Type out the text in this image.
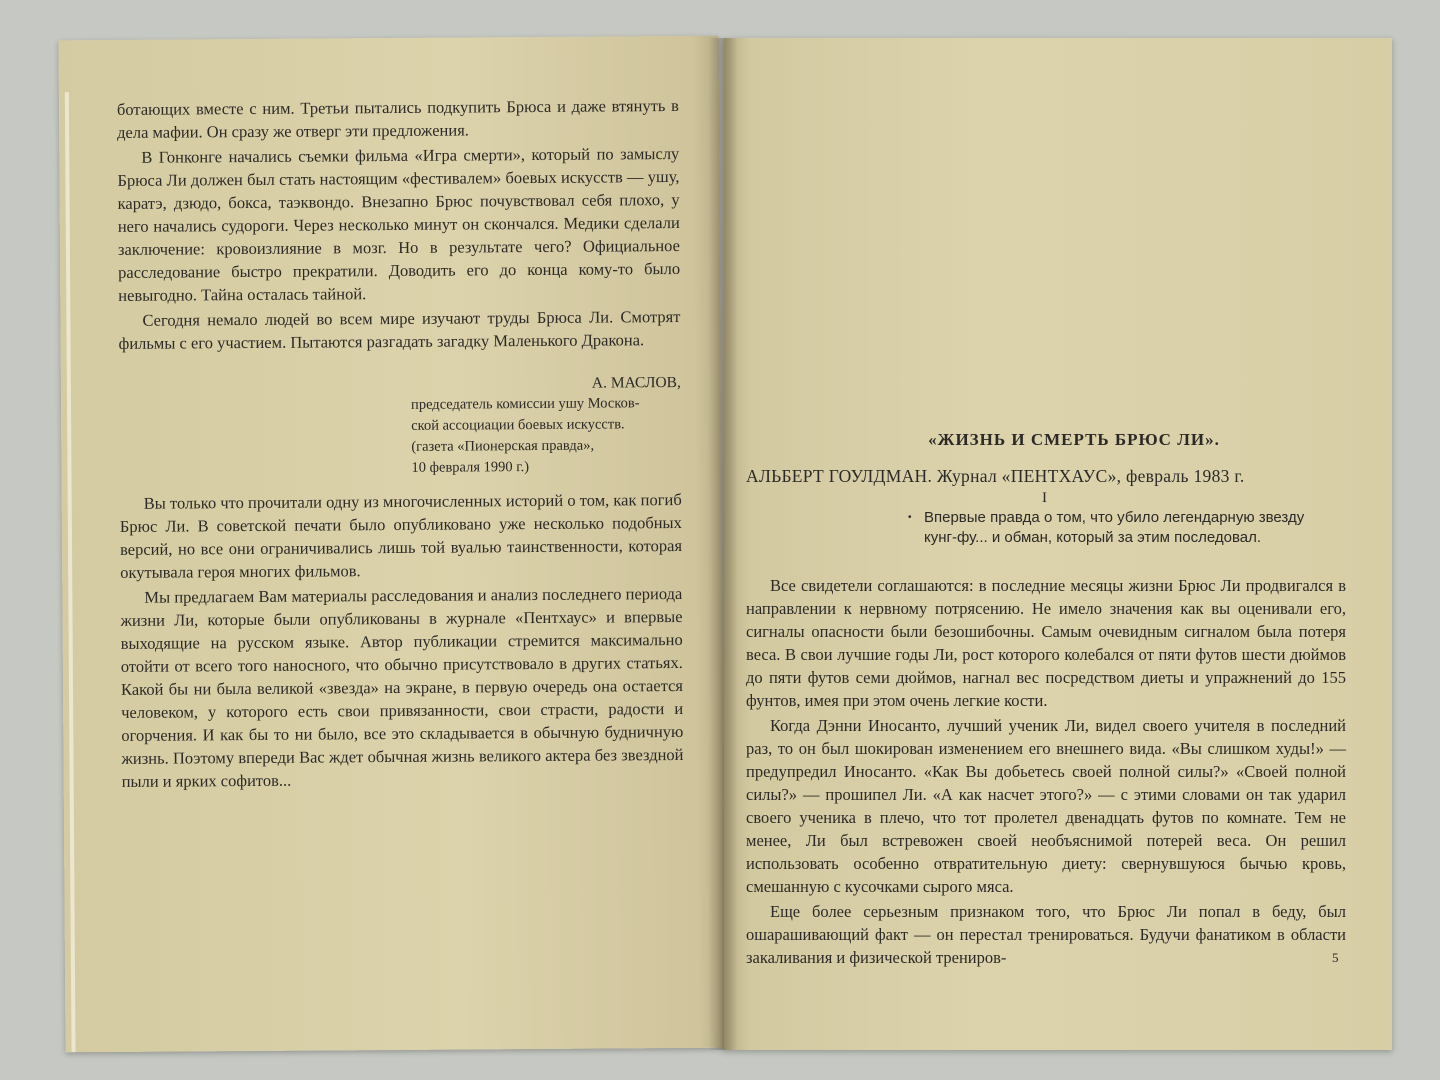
ботающих вместе с ним. Третьи пытались подкупить Брюса и даже втянуть в дела мафии. Он сразу же отверг эти предложения.

В Гонконге начались съемки фильма «Игра смерти», который по замыслу Брюса Ли должен был стать настоящим «фестивалем» боевых искусств — ушу, каратэ, дзюдо, бокса, таэквондо. Внезапно Брюс почувствовал себя плохо, у него начались судороги. Через несколько минут он скончался. Медики сделали заключение: кровоизлияние в мозг. Но в результате чего? Официальное расследование быстро прекратили. Доводить его до конца кому-то было невыгодно. Тайна осталась тайной.

Сегодня немало людей во всем мире изучают труды Брюса Ли. Смотрят фильмы с его участием. Пытаются разгадать загадку Маленького Дракона.

А. МАСЛОВ,
председатель комиссии ушу Москов-
ской ассоциации боевых искусств.
(газета «Пионерская правда»,
10 февраля 1990 г.)

Вы только что прочитали одну из многочисленных историй о том, как погиб Брюс Ли. В советской печати было опубликовано уже несколько подобных версий, но все они ограничивались лишь той вуалью таинственности, которая окутывала героя многих фильмов.

Мы предлагаем Вам материалы расследования и анализ последнего периода жизни Ли, которые были опубликованы в журнале «Пентхаус» и впервые выходящие на русском языке. Автор публикации стремится максимально отойти от всего того наносного, что обычно присутствовало в других статьях. Какой бы ни была великой «звезда» на экране, в первую очередь она остается человеком, у которого есть свои привязанности, свои страсти, радости и огорчения. И как бы то ни было, все это складывается в обычную будничную жизнь. Поэтому впереди Вас ждет обычная жизнь великого актера без звездной пыли и ярких софитов...

«ЖИЗНЬ И СМЕРТЬ БРЮС ЛИ».
АЛЬБЕРТ ГОУЛДМАН. Журнал «ПЕНТХАУС», февраль 1983 г.
I
• Впервые правда о том, что убило легендарную звезду кунг-фу... и обман, который за этим последовал.

Все свидетели соглашаются: в последние месяцы жизни Брюс Ли продвигался в направлении к нервному потрясению. Не имело значения как вы оценивали его, сигналы опасности были безошибочны. Самым очевидным сигналом была потеря веса. В свои лучшие годы Ли, рост которого колебался от пяти футов шести дюймов до пяти футов семи дюймов, нагнал вес посредством диеты и упражнений до 155 фунтов, имея при этом очень легкие кости.

Когда Дэнни Иносанто, лучший ученик Ли, видел своего учителя в последний раз, то он был шокирован изменением его внешнего вида. «Вы слишком худы!» — предупредил Иносанто. «Как Вы добьетесь своей полной силы?» «Своей полной силы?» — прошипел Ли. «А как насчет этого?» — с этими словами он так ударил своего ученика в плечо, что тот пролетел двенадцать футов по комнате. Тем не менее, Ли был встревожен своей необъяснимой потерей веса. Он решил использовать особенно отвратительную диету: свернувшуюся бычью кровь, смешанную с кусочками сырого мяса.

Еще более серьезным признаком того, что Брюс Ли попал в беду, был ошарашивающий факт — он перестал тренироваться. Будучи фанатиком в области закаливания и физической трениров-	5
